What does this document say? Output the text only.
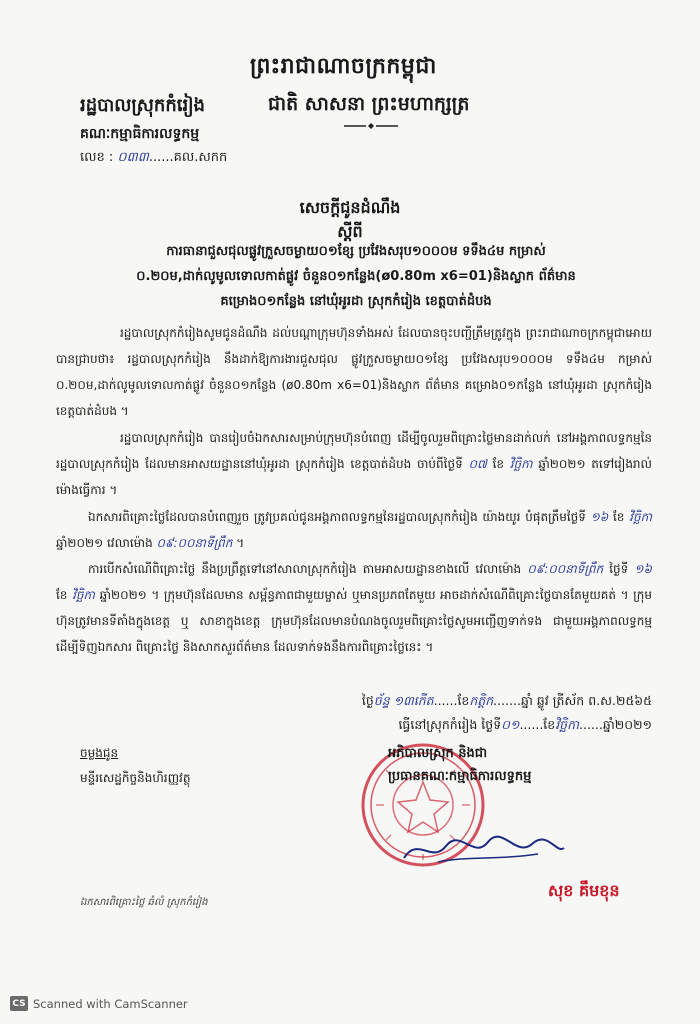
ព្រះរាជាណាចក្រកម្ពុជា
រដ្ឋបាលស្រុកកំរៀង	ជាតិ សាសនា ព្រះមហាក្សត្រ
គណៈកម្មាធិការលទ្ធកម្ម
លេខ : ០៣៣......គល.សកក
សេចក្តីជូនដំណឹង
ស្តីពី
ការធានាជួសជុលផ្លូវក្រួសចម្ងាយ០១ខ្សែ ប្រវែងសរុប១០០០ម ទទឹង៤ម កម្រាស់
០.២០ម,ដាក់លូមូលទោលកាត់ផ្លូវ ចំនួន០១កន្លែង(ø0.80m x6=01)និងស្លាក ព័ត៌មាន
គម្រោង០១កន្លែង នៅឃុំអូរដា ស្រុកកំរៀង ខេត្តបាត់ដំបង
រដ្ឋបាលស្រុកកំរៀងសូមជូនដំណឹង ដល់បណ្តាក្រុមហ៊ុនទាំងអស់ ដែលបានចុះបញ្ជីត្រឹមត្រូវក្នុង ព្រះរាជាណាចក្រកម្ពុជាអោយបានជ្រាបថា៖ រដ្ឋបាលស្រុកកំរៀង នឹងដាក់ឱ្យការងារជួសជុល ផ្លូវក្រួសចម្ងាយ០១ខ្សែ ប្រវែងសរុប១០០០ម ទទឹង៤ម កម្រាស់ ០.២០ម,ដាក់លូមូលទោលកាត់ផ្លូវ ចំនួន០១កន្លែង (ø0.80m x6=01)និងស្លាក ព័ត៌មាន គម្រោង០១កន្លែង នៅឃុំអូរដា ស្រុកកំរៀង ខេត្តបាត់ដំបង ។
រដ្ឋបាលស្រុកកំរៀង បានរៀបចំឯកសារសម្រាប់ក្រុមហ៊ុនបំពេញ ដើម្បីចូលរួមពិគ្រោះថ្លៃមានដាក់លក់ នៅអង្គភាពលទ្ធកម្មនៃរដ្ឋបាលស្រុកកំរៀង ដែលមានអាសយដ្ឋាននៅឃុំអូរដា ស្រុកកំរៀង ខេត្តបាត់ដំបង ចាប់ពីថ្ងៃទី ០៧ ខែ វិច្ឆិកា ឆ្នាំ២០២១ តទៅរៀងរាល់ម៉ោងធ្វើការ ។
ឯកសារពិគ្រោះថ្លៃដែលបានបំពេញរួច ត្រូវប្រគល់ជូនអង្គភាពលទ្ធកម្មនៃរដ្ឋបាលស្រុកកំរៀង យ៉ាងយូរ បំផុតត្រឹមថ្ងៃទី ១៦ ខែ វិច្ឆិកា ឆ្នាំ២០២១ វេលាម៉ោង ០៩:០០នាទីព្រឹក ។
ការបើកសំណើពិគ្រោះថ្លៃ នឹងប្រព្រឹត្តទៅនៅសាលាស្រុកកំរៀង តាមអាសយដ្ឋានខាងលើ វេលាម៉ោង ០៩:០០នាទីព្រឹក ថ្ងៃទី ១៦ ខែ វិច្ឆិកា ឆ្នាំ២០២១ ។ ក្រុមហ៊ុនដែលមាន សម្ព័ន្ធភាពជាមួយម្ចាស់ ឬមានប្រភពតែមួយ អាចដាក់សំណើពិគ្រោះថ្លៃបានតែមួយគត់ ។ ក្រុមហ៊ុនត្រូវមានទីតាំងក្នុងខេត្ត ឬ សាខាក្នុងខេត្ត ក្រុមហ៊ុនដែលមានបំណងចូលរួមពិគ្រោះថ្លៃសូមអញ្ជើញទាក់ទង ជាមួយអង្គភាពលទ្ធកម្ម ដើម្បីទិញឯកសារ ពិគ្រោះថ្លៃ និងសាកសួរព័ត៌មាន ដែលទាក់ទងនឹងការពិគ្រោះថ្លៃនេះ ។
ថ្ងៃច័ន្ទ ១៣កើត......ខែកត្តិក.......ឆ្នាំ ឆ្លូវ ត្រីស័ក ព.ស.២៥៦៥
ធ្វើនៅស្រុកកំរៀង ថ្ងៃទី០១......ខែវិច្ឆិកា......ឆ្នាំ២០២១
អភិបាលស្រុក និងជា
ប្រធានគណៈកម្មាធិការលទ្ធកម្ម
សុខ គឹមខុន
ចម្លងជូន
មន្ទីរសេដ្ឋកិច្ចនិងហិរញ្ញវត្ថុ
ឯកសារពិគ្រោះថ្លៃ ឆំលំ ស្រុកកំរៀង
CS Scanned with CamScanner
